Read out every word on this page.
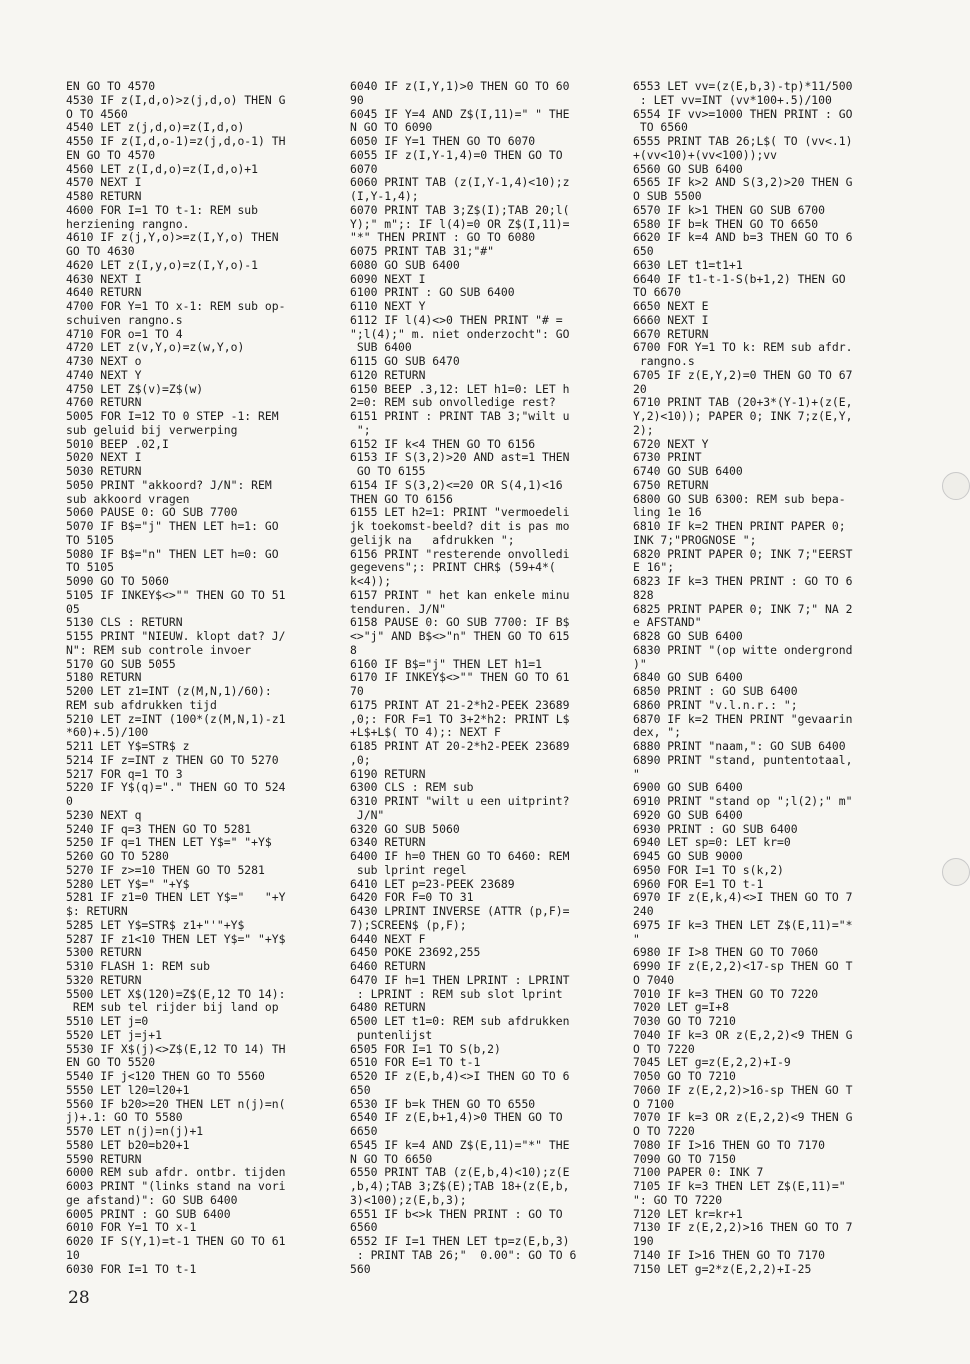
EN GO TO 4570
4530 IF z(I,d,o)>z(j,d,o) THEN G
O TO 4560
4540 LET z(j,d,o)=z(I,d,o)
4550 IF z(I,d,o-1)=z(j,d,o-1) TH
EN GO TO 4570
4560 LET z(I,d,o)=z(I,d,o)+1
4570 NEXT I
4580 RETURN
4600 FOR I=1 TO t-1: REM sub
herziening rangno.
4610 IF z(j,Y,o)>=z(I,Y,o) THEN
GO TO 4630
4620 LET z(I,y,o)=z(I,Y,o)-1
4630 NEXT I
4640 RETURN
4700 FOR Y=1 TO x-1: REM sub op-
schuiven rangno.s
4710 FOR o=1 TO 4
4720 LET z(v,Y,o)=z(w,Y,o)
4730 NEXT o
4740 NEXT Y
4750 LET Z$(v)=Z$(w)
4760 RETURN
5005 FOR I=12 TO 0 STEP -1: REM
sub geluid bij verwerping
5010 BEEP .02,I
5020 NEXT I
5030 RETURN
5050 PRINT "akkoord? J/N": REM
sub akkoord vragen
5060 PAUSE 0: GO SUB 7700
5070 IF B$="j" THEN LET h=1: GO
TO 5105
5080 IF B$="n" THEN LET h=0: GO
TO 5105
5090 GO TO 5060
5105 IF INKEY$<>"" THEN GO TO 51
05
5130 CLS : RETURN
5155 PRINT "NIEUW. klopt dat? J/
N": REM sub controle invoer
5170 GO SUB 5055
5180 RETURN
5200 LET z1=INT (z(M,N,1)/60):
REM sub afdrukken tijd
5210 LET z=INT (100*(z(M,N,1)-z1
*60)+.5)/100
5211 LET Y$=STR$ z
5214 IF z=INT z THEN GO TO 5270
5217 FOR q=1 TO 3
5220 IF Y$(q)="." THEN GO TO 524
0
5230 NEXT q
5240 IF q=3 THEN GO TO 5281
5250 IF q=1 THEN LET Y$=" "+Y$
5260 GO TO 5280
5270 IF z>=10 THEN GO TO 5281
5280 LET Y$=" "+Y$
5281 IF z1=0 THEN LET Y$="   "+Y
$: RETURN
5285 LET Y$=STR$ z1+"'"+Y$
5287 IF z1<10 THEN LET Y$=" "+Y$
5300 RETURN
5310 FLASH 1: REM sub
5320 RETURN
5500 LET X$(120)=Z$(E,12 TO 14):
REM sub tel rijder bij land op
5510 LET j=0
5520 LET j=j+1
5530 IF X$(j)<>Z$(E,12 TO 14) TH
EN GO TO 5520
5540 IF j<120 THEN GO TO 5560
5550 LET l20=l20+1
5560 IF b20>=20 THEN LET n(j)=n(
j)+.1: GO TO 5580
5570 LET n(j)=n(j)+1
5580 LET b20=b20+1
5590 RETURN
6000 REM sub afdr. ontbr. tijden
6003 PRINT "(links stand na vori
ge afstand)": GO SUB 6400
6005 PRINT : GO SUB 6400
6010 FOR Y=1 TO x-1
6020 IF S(Y,1)=t-1 THEN GO TO 61
10
6030 FOR I=1 TO t-1
6040 IF z(I,Y,1)>0 THEN GO TO 60
90
6045 IF Y=4 AND Z$(I,11)=" " THE
N GO TO 6090
6050 IF Y=1 THEN GO TO 6070
6055 IF z(I,Y-1,4)=0 THEN GO TO
6070
6060 PRINT TAB (z(I,Y-1,4)<10);z
(I,Y-1,4);
6070 PRINT TAB 3;Z$(I);TAB 20;l(
Y);" m";: IF l(4)=0 OR Z$(I,11)=
"*" THEN PRINT : GO TO 6080
6075 PRINT TAB 31;"#"
6080 GO SUB 6400
6090 NEXT I
6100 PRINT : GO SUB 6400
6110 NEXT Y
6112 IF l(4)<>0 THEN PRINT "# =
";l(4);" m. niet onderzocht": GO
SUB 6400
6115 GO SUB 6470
6120 RETURN
6150 BEEP .3,12: LET h1=0: LET h
2=0: REM sub onvolledige rest?
6151 PRINT : PRINT TAB 3;"wilt u
";
6152 IF k<4 THEN GO TO 6156
6153 IF S(3,2)>20 AND ast=1 THEN
GO TO 6155
6154 IF S(3,2)<=20 OR S(4,1)<16
THEN GO TO 6156
6155 LET h2=1: PRINT "vermoedeli
jk toekomst-beeld? dit is pas mo
gelijk na   afdrukken ";
6156 PRINT "resterende onvolledi
gegevens";: PRINT CHR$ (59+4*(
k<4));
6157 PRINT " het kan enkele minu
tenduren. J/N"
6158 PAUSE 0: GO SUB 7700: IF B$
<>"j" AND B$<>"n" THEN GO TO 615
8
6160 IF B$="j" THEN LET h1=1
6170 IF INKEY$<>"" THEN GO TO 61
70
6175 PRINT AT 21-2*h2-PEEK 23689
,0;: FOR F=1 TO 3+2*h2: PRINT L$
+L$+L$( TO 4);: NEXT F
6185 PRINT AT 20-2*h2-PEEK 23689
,0;
6190 RETURN
6300 CLS : REM sub
6310 PRINT "wilt u een uitprint?
J/N"
6320 GO SUB 5060
6340 RETURN
6400 IF h=0 THEN GO TO 6460: REM
sub lprint regel
6410 LET p=23-PEEK 23689
6420 FOR F=0 TO 31
6430 LPRINT INVERSE (ATTR (p,F)=
7);SCREEN$ (p,F);
6440 NEXT F
6450 POKE 23692,255
6460 RETURN
6470 IF h=1 THEN LPRINT : LPRINT
: LPRINT : REM sub slot lprint
6480 RETURN
6500 LET t1=0: REM sub afdrukken
puntenlijst
6505 FOR I=1 TO S(b,2)
6510 FOR E=1 TO t-1
6520 IF z(E,b,4)<>I THEN GO TO 6
650
6530 IF b=k THEN GO TO 6550
6540 IF z(E,b+1,4)>0 THEN GO TO
6650
6545 IF k=4 AND Z$(E,11)="*" THE
N GO TO 6650
6550 PRINT TAB (z(E,b,4)<10);z(E
,b,4);TAB 3;Z$(E);TAB 18+(z(E,b,
3)<100);z(E,b,3);
6551 IF b<>k THEN PRINT : GO TO
6560
6552 IF I=1 THEN LET tp=z(E,b,3)
: PRINT TAB 26;"  0.00": GO TO 6
560
6553 LET vv=(z(E,b,3)-tp)*11/500
: LET vv=INT (vv*100+.5)/100
6554 IF vv>=1000 THEN PRINT : GO
TO 6560
6555 PRINT TAB 26;L$( TO (vv<.1)
+(vv<10)+(vv<100));vv
6560 GO SUB 6400
6565 IF k>2 AND S(3,2)>20 THEN G
O SUB 5500
6570 IF k>1 THEN GO SUB 6700
6580 IF b=k THEN GO TO 6650
6620 IF k=4 AND b=3 THEN GO TO 6
650
6630 LET t1=t1+1
6640 IF t1-t-1-S(b+1,2) THEN GO
TO 6670
6650 NEXT E
6660 NEXT I
6670 RETURN
6700 FOR Y=1 TO k: REM sub afdr.
rangno.s
6705 IF z(E,Y,2)=0 THEN GO TO 67
20
6710 PRINT TAB (20+3*(Y-1)+(z(E,
Y,2)<10)); PAPER 0; INK 7;z(E,Y,
2);
6720 NEXT Y
6730 PRINT
6740 GO SUB 6400
6750 RETURN
6800 GO SUB 6300: REM sub bepa-
ling 1e 16
6810 IF k=2 THEN PRINT PAPER 0;
INK 7;"PROGNOSE ";
6820 PRINT PAPER 0; INK 7;"EERST
E 16";
6823 IF k=3 THEN PRINT : GO TO 6
828
6825 PRINT PAPER 0; INK 7;" NA 2
e AFSTAND"
6828 GO SUB 6400
6830 PRINT "(op witte ondergrond
)"
6840 GO SUB 6400
6850 PRINT : GO SUB 6400
6860 PRINT "v.l.n.r.: ";
6870 IF k=2 THEN PRINT "gevaarin
dex, ";
6880 PRINT "naam,": GO SUB 6400
6890 PRINT "stand, puntentotaal,
"
6900 GO SUB 6400
6910 PRINT "stand op ";l(2);" m"
6920 GO SUB 6400
6930 PRINT : GO SUB 6400
6940 LET sp=0: LET kr=0
6945 GO SUB 9000
6950 FOR I=1 TO s(k,2)
6960 FOR E=1 TO t-1
6970 IF z(E,k,4)<>I THEN GO TO 7
240
6975 IF k=3 THEN LET Z$(E,11)="*
"
6980 IF I>8 THEN GO TO 7060
6990 IF z(E,2,2)<17-sp THEN GO T
O 7040
7010 IF k=3 THEN GO TO 7220
7020 LET g=I+8
7030 GO TO 7210
7040 IF k=3 OR z(E,2,2)<9 THEN G
O TO 7220
7045 LET g=z(E,2,2)+I-9
7050 GO TO 7210
7060 IF z(E,2,2)>16-sp THEN GO T
O 7100
7070 IF k=3 OR z(E,2,2)<9 THEN G
O TO 7220
7080 IF I>16 THEN GO TO 7170
7090 GO TO 7150
7100 PAPER 0: INK 7
7105 IF k=3 THEN LET Z$(E,11)="
": GO TO 7220
7120 LET kr=kr+1
7130 IF z(E,2,2)>16 THEN GO TO 7
190
7140 IF I>16 THEN GO TO 7170
7150 LET g=2*z(E,2,2)+I-25
28
